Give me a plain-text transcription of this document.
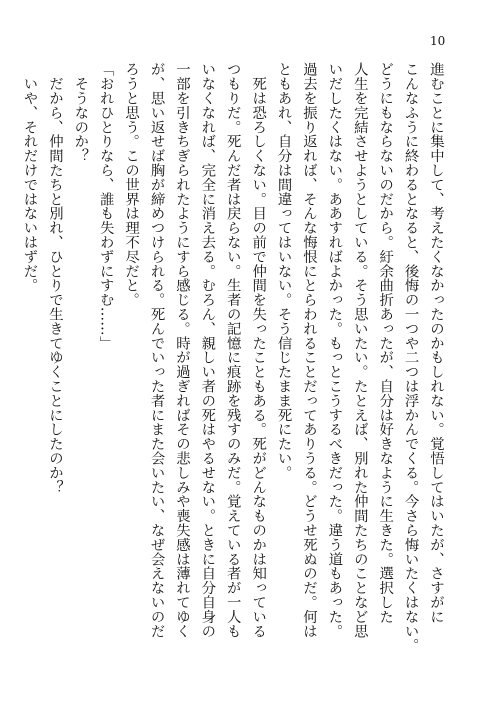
10
進むことに集中して、考えたくなかったのかもしれない。覚悟してはいたが、さすがに
こんなふうに終わるとなると、後悔の一つや二つは浮かんでくる。今さら悔いたくはない。
どうにもならないのだから。紆余曲折あったが、自分は好きなように生きた。選択した
人生を完結させようとしている。そう思いたい。たとえば、別れた仲間たちのことなど思
いだしたくはない。ああすればよかった。もっとこうするべきだった。違う道もあった。
過去を振り返れば、そんな悔恨にとらわれることだってありうる。どうせ死ぬのだ。何は
ともあれ、自分は間違ってはいない。そう信じたまま死にたい。
　死は恐ろしくない。目の前で仲間を失ったこともある。死がどんなものかは知っている
つもりだ。死んだ者は戻らない。生者の記憶に痕跡を残すのみだ。覚えている者が一人も
いなくなれば、完全に消え去る。むろん、親しい者の死はやるせない。ときに自分自身の
一部を引きちぎられたようにすら感じる。時が過ぎればその悲しみや喪失感は薄れてゆく
が、思い返せば胸が締めつけられる。死んでいった者にまた会いたい、なぜ会えないのだ
ろうと思う。この世界は理不尽だと。
「おれひとりなら、誰も失わずにすむ……」
　そうなのか？
　だから、仲間たちと別れ、ひとりで生きてゆくことにしたのか？
　いや、それだけではないはずだ。
